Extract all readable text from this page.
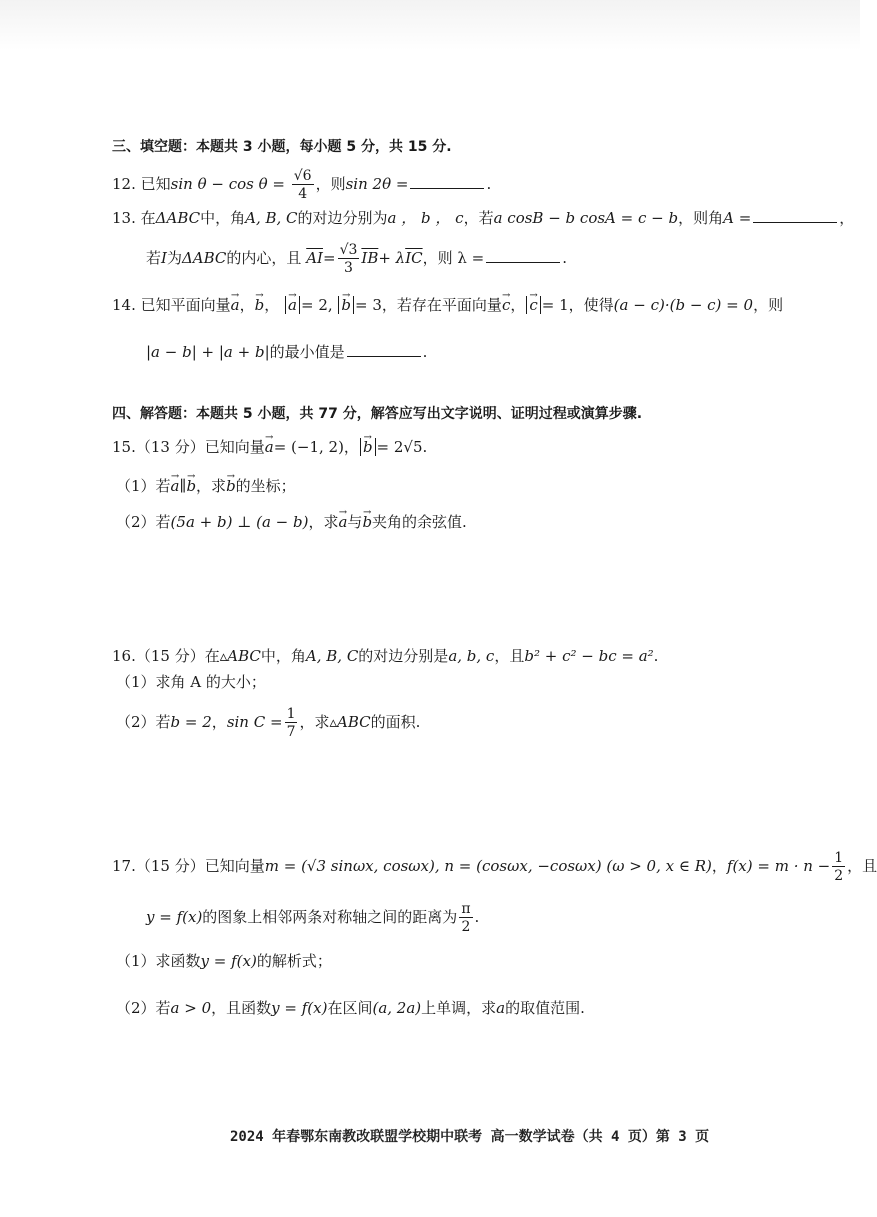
三、填空题：本题共 3 小题，每小题 5 分，共 15 分.
12. 已知$\sin \theta - \cos \theta = \frac{√6}{4}$ ，则sin 2θ =	.
13. 在ΔABC中，角A, B, C的对边分别为a ， b ， c，若a cosB − b cosA = c − b，则角A =	，
若I为ΔABC的内心，且 $\overline{AI}= \frac{√3}{3} \overline{IB}+ \lambda\overline{IC}$，则 λ =	.
14. 已知平面向量→ a，→ b， → a = 2, → b = 3，若存在平面向量→ c， → c = 1，使得(a − c)·(b − c) = 0，则
|a − b| + |a + b|的最小值是	.
四、解答题：本题共 5 小题，共 77 分，解答应写出文字说明、证明过程或演算步骤.
15.（13 分）已知向量→ a= (−1, 2)， → b = 2√5.
（1）若→ a∥→ b，求→ b的坐标；
（2）若(5a + b) ⊥ (a − b)，求→ a与→ b夹角的余弦值.
16.（15 分）在▵ABC中，角A, B, C的对边分别是a, b, c，且b² + c² − bc = a².
（1）求角 A 的大小；
（2）若b = 2，$\sin C = \frac{1}{7}$ ，求▵ABC的面积.
17.（15 分）已知向量m = (√3 sinωx, cosωx), n = (cosωx, −cosωx) (ω > 0, x ∈ R)，$f(x) = m \cdot n - \frac{1}{2}$ ，且
y = f(x)的图象上相邻两条对称轴之间的距离为 $\frac{\pi}{2}$ .
（1）求函数y = f(x)的解析式；
（2）若a > 0，且函数y = f(x)在区间(a, 2a)上单调，求a的取值范围.
2024 年春鄂东南教改联盟学校期中联考 高一数学试卷（共 4 页）第 3 页
